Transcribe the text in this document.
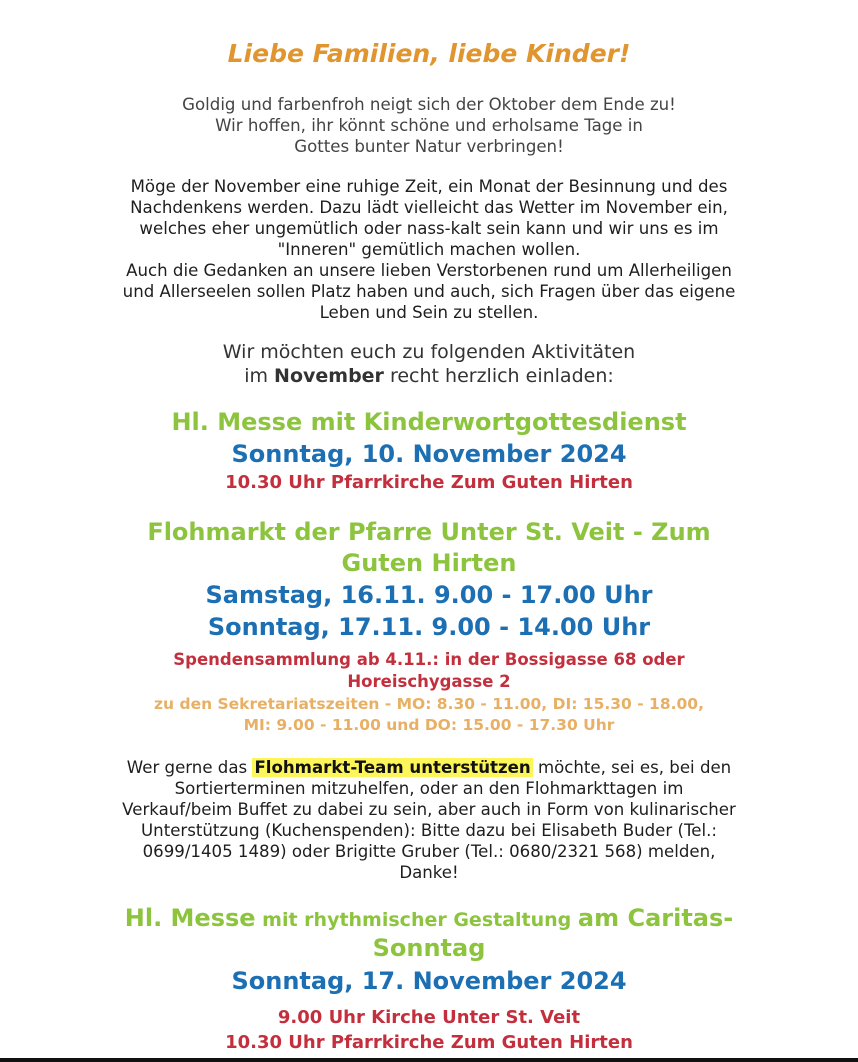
Liebe Familien, liebe Kinder!
Goldig und farbenfroh neigt sich der Oktober dem Ende zu!
Wir hoffen, ihr könnt schöne und erholsame Tage in
Gottes bunter Natur verbringen!
Möge der November eine ruhige Zeit, ein Monat der Besinnung und des
Nachdenkens werden. Dazu lädt vielleicht das Wetter im November ein,
welches eher ungemütlich oder nass-kalt sein kann und wir uns es im
"Inneren" gemütlich machen wollen.
Auch die Gedanken an unsere lieben Verstorbenen rund um Allerheiligen
und Allerseelen sollen Platz haben und auch, sich Fragen über das eigene
Leben und Sein zu stellen.
Wir möchten euch zu folgenden Aktivitäten
im November recht herzlich einladen:
Hl. Messe mit Kinderwortgottesdienst
Sonntag, 10. November 2024
10.30 Uhr Pfarrkirche Zum Guten Hirten
Flohmarkt der Pfarre Unter St. Veit - Zum
Guten Hirten
Samstag, 16.11. 9.00 - 17.00 Uhr
Sonntag, 17.11. 9.00 - 14.00 Uhr
Spendensammlung ab 4.11.: in der Bossigasse 68 oder
Horeischygasse 2
zu den Sekretariatszeiten - MO: 8.30 - 11.00, DI: 15.30 - 18.00,
MI: 9.00 - 11.00 und DO: 15.00 - 17.30 Uhr
Wer gerne das Flohmarkt-Team unterstützen möchte, sei es, bei den
Sortierterminen mitzuhelfen, oder an den Flohmarkttagen im
Verkauf/beim Buffet zu dabei zu sein, aber auch in Form von kulinarischer
Unterstützung (Kuchenspenden): Bitte dazu bei Elisabeth Buder (Tel.:
0699/1405 1489) oder Brigitte Gruber (Tel.: 0680/2321 568) melden,
Danke!
Hl. Messe mit rhythmischer Gestaltung am Caritas-
Sonntag
Sonntag, 17. November 2024
9.00 Uhr Kirche Unter St. Veit
10.30 Uhr Pfarrkirche Zum Guten Hirten
